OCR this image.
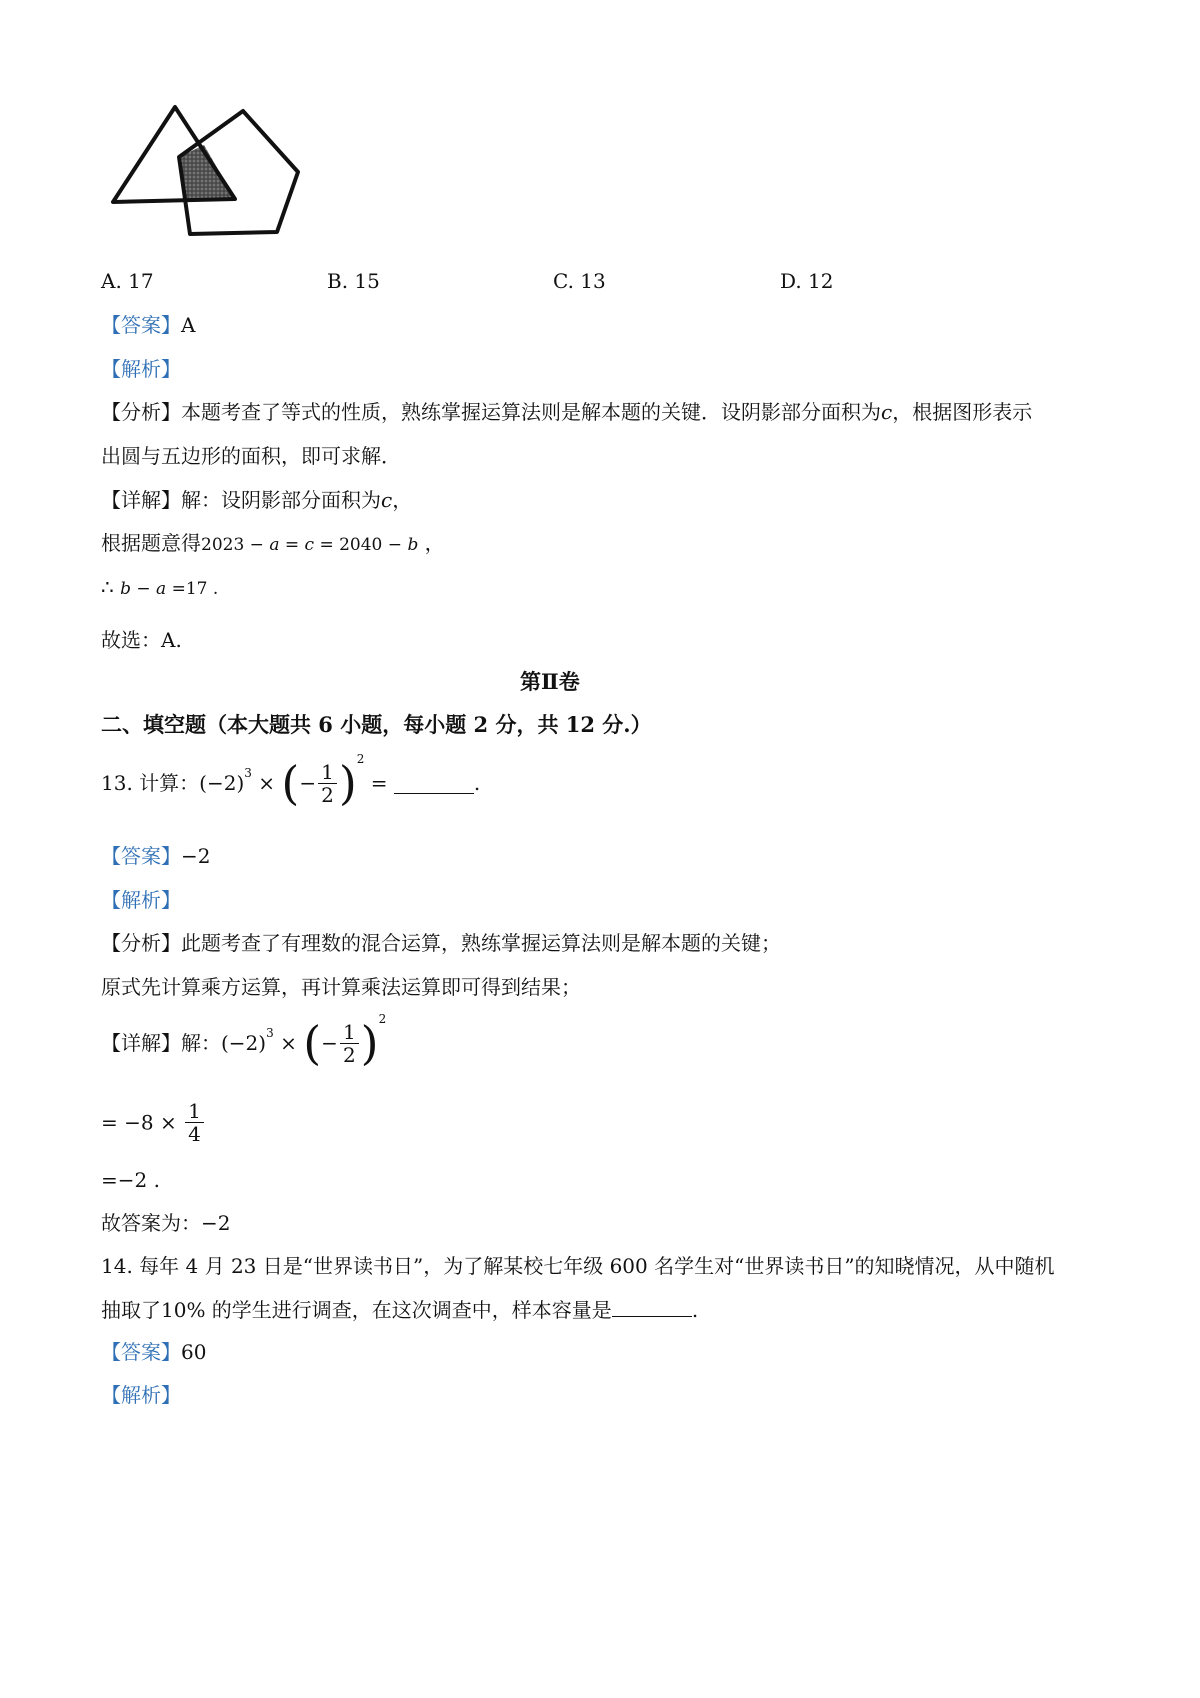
A. 17	B. 15	C. 13	D. 12
【答案】A
【解析】
【分析】本题考查了等式的性质，熟练掌握运算法则是解本题的关键．设阴影部分面积为c，根据图形表示
出圆与五边形的面积，即可求解．
【详解】解：设阴影部分面积为c，
根据题意得2023 − a = c = 2040 − b ，
∴ b − a =17 .
故选：A.
第Ⅱ卷
二、填空题（本大题共 6 小题，每小题 2 分，共 12 分.）
13. 计算：$(-2)^3$ × (− $\frac{1}{2} )^2$ =	.
【答案】−2
【解析】
【分析】此题考查了有理数的混合运算，熟练掌握运算法则是解本题的关键；
原式先计算乘方运算，再计算乘法运算即可得到结果；
【详解】解：$(-2)^3$ × (− $\frac{1}{2} )^2$
= $-8 \times \frac{1}{4}$
=−2 .
故答案为：−2
14. 每年 4 月 23 日是“世界读书日”，为了解某校七年级 600 名学生对“世界读书日”的知晓情况，从中随机
抽取了10% 的学生进行调查，在这次调查中，样本容量是	.
【答案】60
【解析】
